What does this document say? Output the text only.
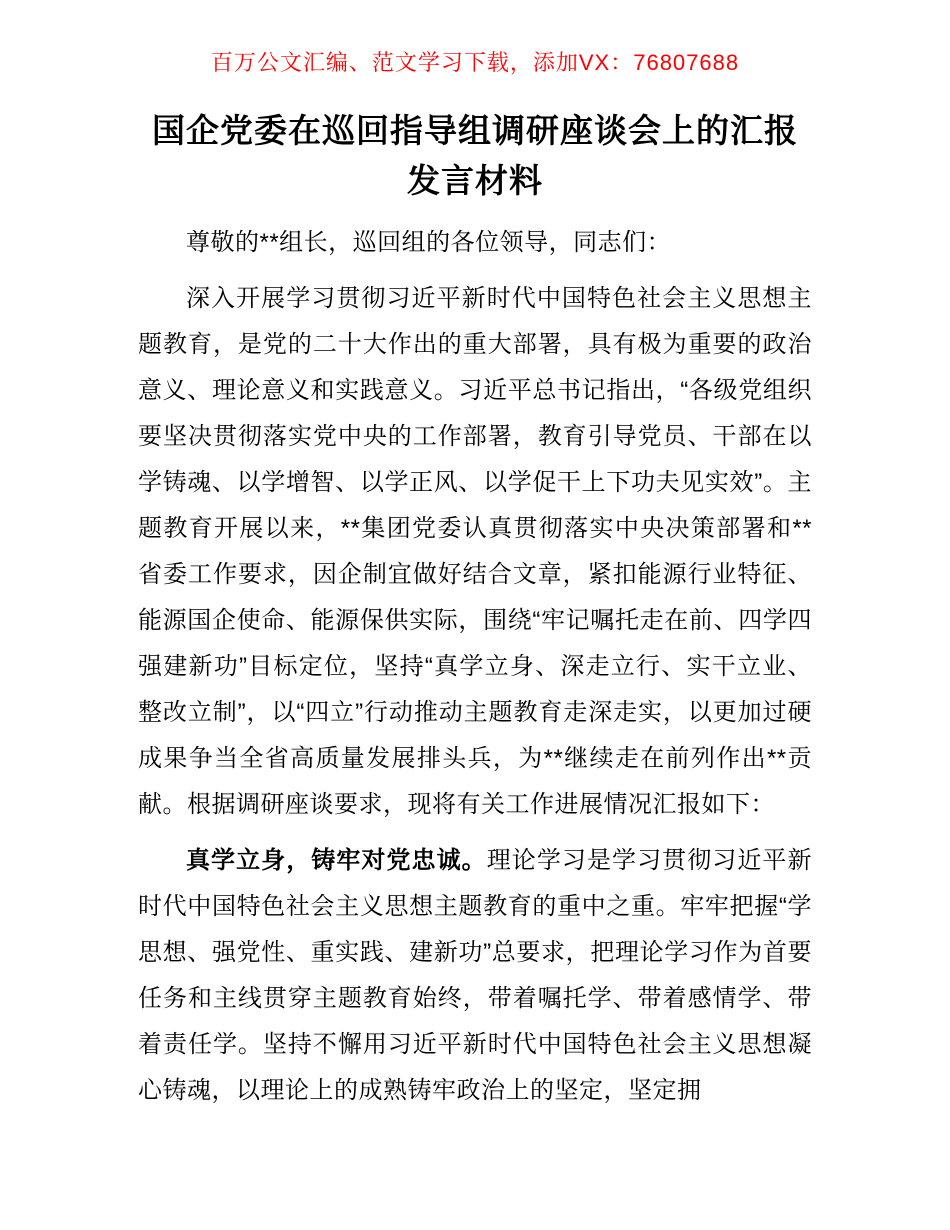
百万公文汇编、范文学习下载，添加VX：76807688
国企党委在巡回指导组调研座谈会上的汇报发言材料

尊敬的**组长，巡回组的各位领导，同志们：

深入开展学习贯彻习近平新时代中国特色社会主义思想主题教育，是党的二十大作出的重大部署，具有极为重要的政治意义、理论意义和实践意义。习近平总书记指出，“各级党组织要坚决贯彻落实党中央的工作部署，教育引导党员、干部在以学铸魂、以学增智、以学正风、以学促干上下功夫见实效”。主题教育开展以来，**集团党委认真贯彻落实中央决策部署和**省委工作要求，因企制宜做好结合文章，紧扣能源行业特征、能源国企使命、能源保供实际，围绕“牢记嘱托走在前、四学四强建新功”目标定位，坚持“真学立身、深走立行、实干立业、整改立制”，以“四立”行动推动主题教育走深走实，以更加过硬成果争当全省高质量发展排头兵，为**继续走在前列作出**贡献。根据调研座谈要求，现将有关工作进展情况汇报如下：

真学立身，铸牢对党忠诚。理论学习是学习贯彻习近平新时代中国特色社会主义思想主题教育的重中之重。牢牢把握“学思想、强党性、重实践、建新功”总要求，把理论学习作为首要任务和主线贯穿主题教育始终，带着嘱托学、带着感情学、带着责任学。坚持不懈用习近平新时代中国特色社会主义思想凝心铸魂，以理论上的成熟铸牢政治上的坚定，坚定拥
